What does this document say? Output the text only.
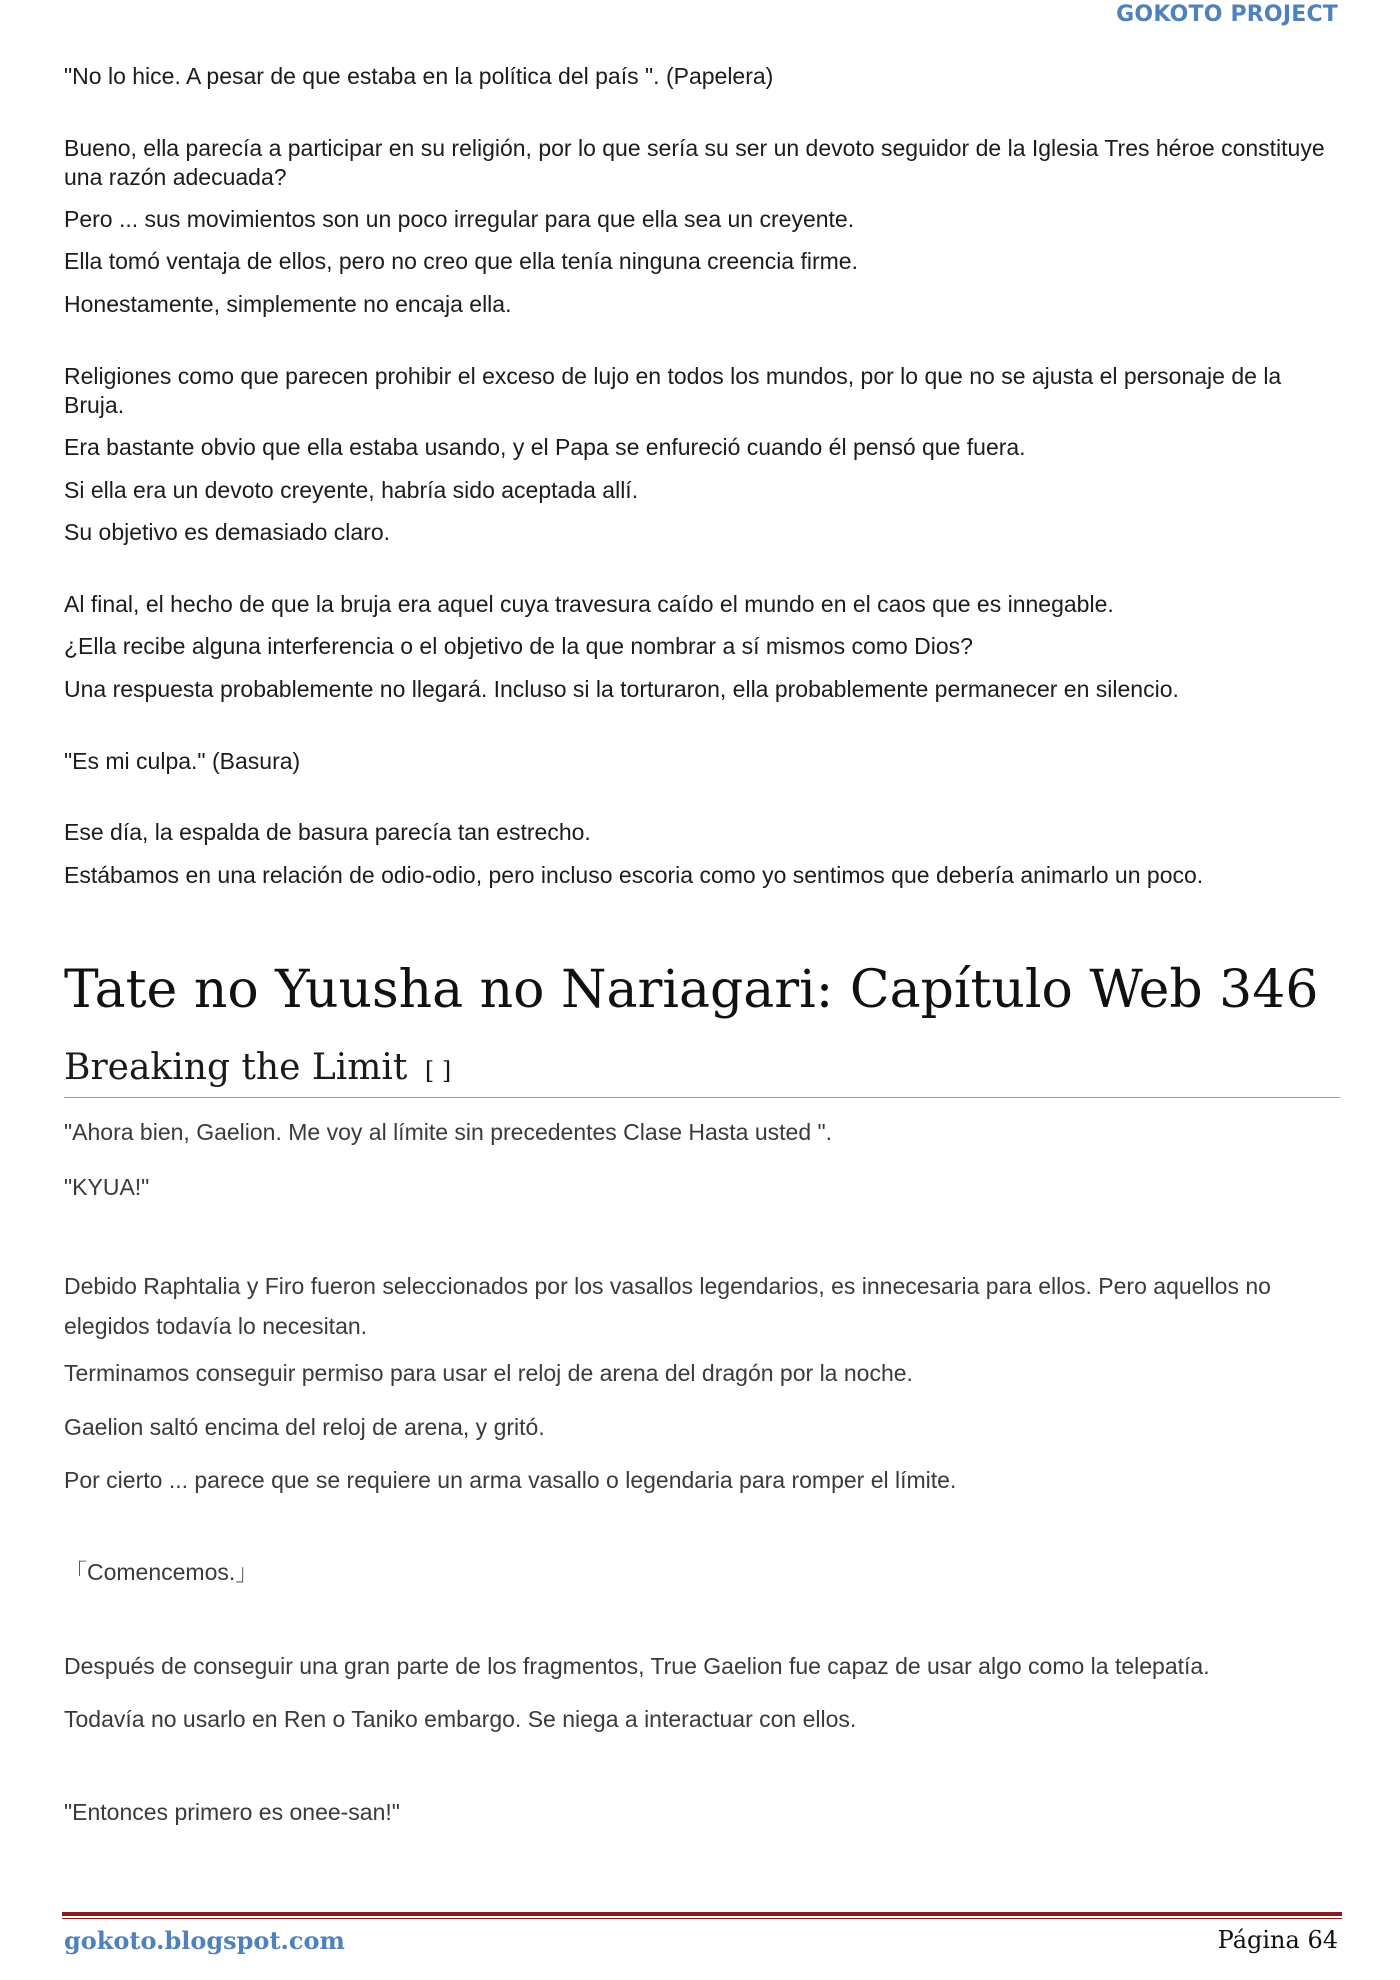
GOKOTO PROJECT

"No lo hice. A pesar de que estaba en la política del país ". (Papelera)

Bueno, ella parecía a participar en su religión, por lo que sería su ser un devoto seguidor de la Iglesia Tres héroe constituye una razón adecuada?

Pero ... sus movimientos son un poco irregular para que ella sea un creyente.

Ella tomó ventaja de ellos, pero no creo que ella tenía ninguna creencia firme.

Honestamente, simplemente no encaja ella.

Religiones como que parecen prohibir el exceso de lujo en todos los mundos, por lo que no se ajusta el personaje de la Bruja.

Era bastante obvio que ella estaba usando, y el Papa se enfureció cuando él pensó que fuera.

Si ella era un devoto creyente, habría sido aceptada allí.

Su objetivo es demasiado claro.

Al final, el hecho de que la bruja era aquel cuya travesura caído el mundo en el caos que es innegable.

¿Ella recibe alguna interferencia o el objetivo de la que nombrar a sí mismos como Dios?

Una respuesta probablemente no llegará. Incluso si la torturaron, ella probablemente permanecer en silencio.

"Es mi culpa." (Basura)

Ese día, la espalda de basura parecía tan estrecho.

Estábamos en una relación de odio-odio, pero incluso escoria como yo sentimos que debería animarlo un poco.

Tate no Yuusha no Nariagari: Capítulo Web 346
Breaking the Limit [ ]

"Ahora bien, Gaelion. Me voy al límite sin precedentes Clase Hasta usted ".

"KYUA!"

Debido Raphtalia y Firo fueron seleccionados por los vasallos legendarios, es innecesaria para ellos. Pero aquellos no elegidos todavía lo necesitan.

Terminamos conseguir permiso para usar el reloj de arena del dragón por la noche.

Gaelion saltó encima del reloj de arena, y gritó.

Por cierto ... parece que se requiere un arma vasallo o legendaria para romper el límite.

「Comencemos.」

Después de conseguir una gran parte de los fragmentos, True Gaelion fue capaz de usar algo como la telepatía.

Todavía no usarlo en Ren o Taniko embargo. Se niega a interactuar con ellos.

"Entonces primero es onee-san!"

gokoto.blogspot.com	Página 64
